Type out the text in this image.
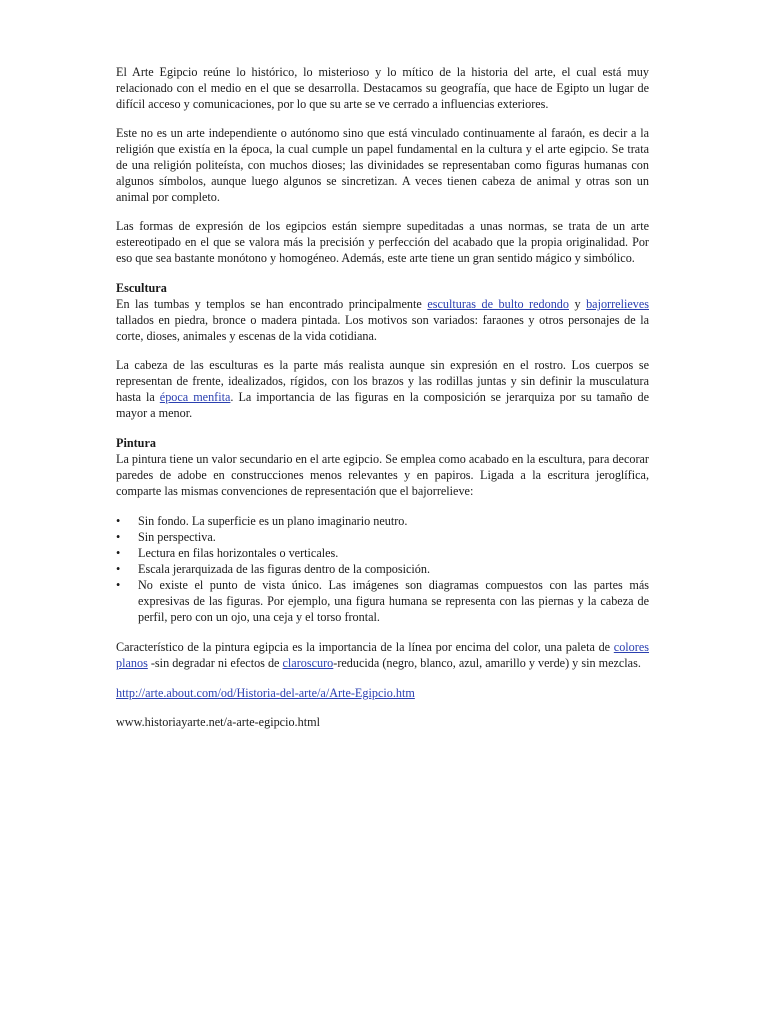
El Arte Egipcio reúne lo histórico, lo misterioso y lo mítico de la historia del arte, el cual está muy relacionado con el medio en el que se desarrolla. Destacamos su geografía, que hace de Egipto un lugar de difícil acceso y comunicaciones, por lo que su arte se ve cerrado a influencias exteriores.

Este no es un arte independiente o autónomo sino que está vinculado continuamente al faraón, es decir a la religión que existía en la época, la cual cumple un papel fundamental en la cultura y el arte egipcio. Se trata de una religión politeísta, con muchos dioses; las divinidades se representaban como figuras humanas con algunos símbolos, aunque luego algunos se sincretizan. A veces tienen cabeza de animal y otras son un animal por completo.

Las formas de expresión de los egipcios están siempre supeditadas a unas normas, se trata de un arte estereotipado en el que se valora más la precisión y perfección del acabado que la propia originalidad. Por eso que sea bastante monótono y homogéneo. Además, este arte tiene un gran sentido mágico y simbólico.

Escultura

En las tumbas y templos se han encontrado principalmente esculturas de bulto redondo y bajorrelieves tallados en piedra, bronce o madera pintada. Los motivos son variados: faraones y otros personajes de la corte, dioses, animales y escenas de la vida cotidiana.

La cabeza de las esculturas es la parte más realista aunque sin expresión en el rostro. Los cuerpos se representan de frente, idealizados, rígidos, con los brazos y las rodillas juntas y sin definir la musculatura hasta la época menfita. La importancia de las figuras en la composición se jerarquiza por su tamaño de mayor a menor.

Pintura

La pintura tiene un valor secundario en el arte egipcio. Se emplea como acabado en la escultura, para decorar paredes de adobe en construcciones menos relevantes y en papiros. Ligada a la escritura jeroglífica, comparte las mismas convenciones de representación que el bajorrelieve:

• Sin fondo. La superficie es un plano imaginario neutro.
• Sin perspectiva.
• Lectura en filas horizontales o verticales.
• Escala jerarquizada de las figuras dentro de la composición.
• No existe el punto de vista único. Las imágenes son diagramas compuestos con las partes más expresivas de las figuras. Por ejemplo, una figura humana se representa con las piernas y la cabeza de perfil, pero con un ojo, una ceja y el torso frontal.

Característico de la pintura egipcia es la importancia de la línea por encima del color, una paleta de colores planos -sin degradar ni efectos de claroscuro-reducida (negro, blanco, azul, amarillo y verde) y sin mezclas.

http://arte.about.com/od/Historia-del-arte/a/Arte-Egipcio.htm

www.historiayarte.net/a-arte-egipcio.html
